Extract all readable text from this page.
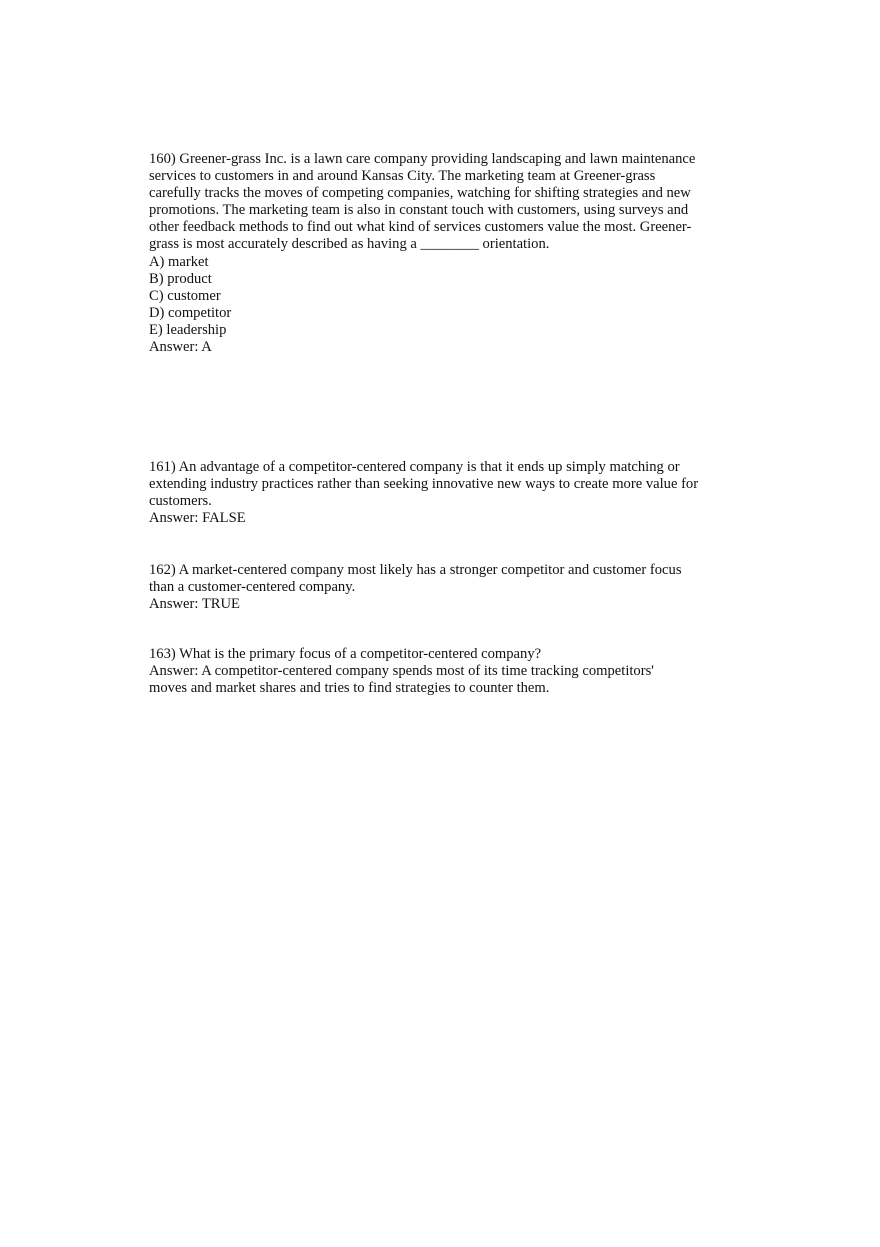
160) Greener-grass Inc. is a lawn care company providing landscaping and lawn maintenance
services to customers in and around Kansas City. The marketing team at Greener-grass
carefully tracks the moves of competing companies, watching for shifting strategies and new
promotions. The marketing team is also in constant touch with customers, using surveys and
other feedback methods to find out what kind of services customers value the most. Greener-
grass is most accurately described as having a ________ orientation.
A) market
B) product
C) customer
D) competitor
E) leadership
Answer: A
161) An advantage of a competitor-centered company is that it ends up simply matching or
extending industry practices rather than seeking innovative new ways to create more value for
customers.
Answer: FALSE
162) A market-centered company most likely has a stronger competitor and customer focus
than a customer-centered company.
Answer: TRUE
163) What is the primary focus of a competitor-centered company?
Answer: A competitor-centered company spends most of its time tracking competitors'
moves and market shares and tries to find strategies to counter them.
